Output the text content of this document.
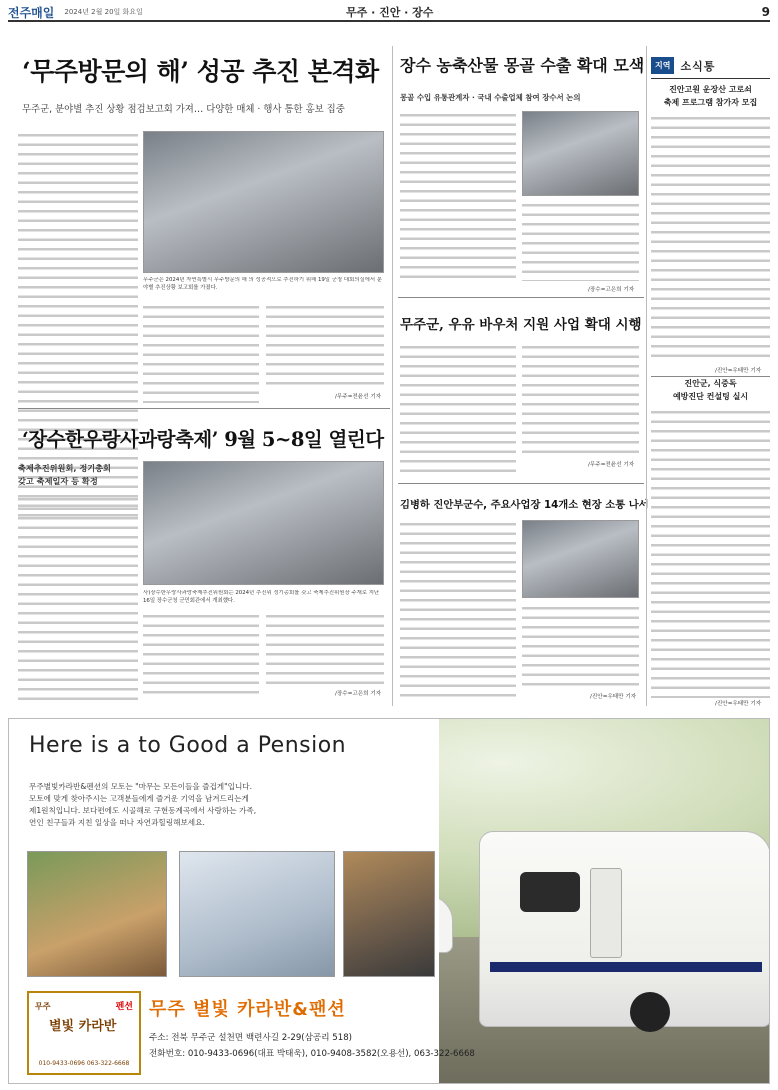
전주매일 2024년 2월 20일 화요일	무주 · 진안 · 장수	9
‘무주방문의 해’ 성공 추진 본격화
무주군, 분야별 추진 상황 점검보고회 가져… 다양한 매체 · 행사 통한 홍보 집중
무주군은 2024년 자연특별시 무주방문의 해 의 성공적으로 추진하기 위해 19일 군청 대회의실에서 분야별 추진상황 보고회를 가졌다.
/무주=전윤선 기자
‘장수한우랑사과랑축제’ 9월 5~8일 열린다
축제추진위원회, 정기총회
갖고 축제일자 등 확정
사)장수한우랑사과랑축제추진위원회는 2024년 추진위 정기총회를 갖고 축제추진위원장 주재로 지난 16일 장수군청 군민회관에서 개최했다.
/장수=고은희 기자
장수 농축산물 몽골 수출 확대 모색
몽골 수입 유통관계자 · 국내 수출업체 참여 장수서 논의
/장수=고은희 기자
무주군, 우유 바우처 지원 사업 확대 시행
/무주=전윤선 기자
김병하 진안부군수, 주요사업장 14개소 현장 소통 나서
/진안=우태만 기자
지역 소식통
진안고원 운장산 고로쇠
축제 프로그램 참가자 모집
/진안=우태만 기자
진안군, 식중독
예방진단 컨설팅 실시
/진안=우태만 기자
Here is a to Good a Pension
무주별빛카라반&펜션의 모토는 "마무는 모든이들을 즐겁게"입니다.
모토에 맞게 찾아주시는 고객분들에게 즐거운 기억을 남겨드리는게
제1원칙입니다. 보다편에도 시골해로 구현동계곡에서 사랑하는 가족,
연인 친구들과 지친 일상을 떠나 자연과힐링해보세요.
무주
별빛 카라반
펜션
010-9433-0696 063-322-6668
무주 별빛 카라반&팬션
주소: 전북 무주군 설천면 백련사길 2-29(삼공리 518)
전화번호: 010-9433-0696(대표 박태욱), 010-9408-3582(오용선), 063-322-6668
